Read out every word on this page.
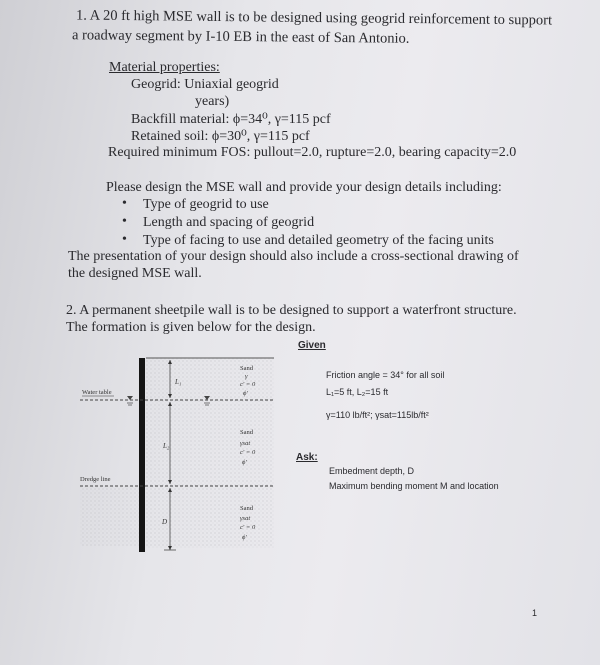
1. A 20 ft high MSE wall is to be designed using geogrid reinforcement to support
a roadway segment by I-10 EB in the east of San Antonio.
Material properties:
Geogrid: Uniaxial geogrid
years)
Backfill material: ϕ=34⁰, γ=115 pcf
Retained soil: ϕ=30⁰, γ=115 pcf
Required minimum FOS: pullout=2.0, rupture=2.0, bearing capacity=2.0
Please design the MSE wall and provide your design details including:
• Type of geogrid to use
• Length and spacing of geogrid
• Type of facing to use and detailed geometry of the facing units
The presentation of your design should also include a cross-sectional drawing of
the designed MSE wall.
2. A permanent sheetpile wall is to be designed to support a waterfront structure.
The formation is given below for the design.
Given
Friction angle = 34° for all soil
L₁=5 ft, L₂=15 ft
γ=110 lb/ft²; γsat=115lb/ft²
Ask:
Embedment depth, D
Maximum bending moment M and location
L₁
L₂
D
Water table
Dredge line
Sand
γ
c′ = 0
ϕ′
Sand
γsat
c′ = 0
ϕ′
Sand
γsat
c′ = 0
ϕ′
1
